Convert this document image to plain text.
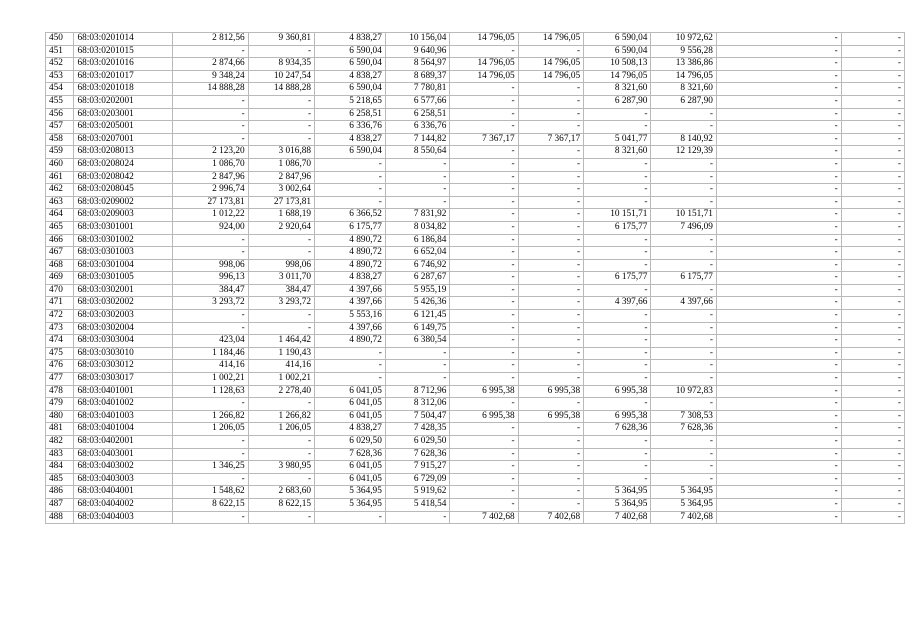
450	68:03:0201014	2 812,56	9 360,81	4 838,27	10 156,04	14 796,05	14 796,05	6 590,04	10 972,62	-	-
451	68:03:0201015	-	-	6 590,04	9 640,96	-	-	6 590,04	9 556,28	-	-
452	68:03:0201016	2 874,66	8 934,35	6 590,04	8 564,97	14 796,05	14 796,05	10 508,13	13 386,86	-	-
453	68:03:0201017	9 348,24	10 247,54	4 838,27	8 689,37	14 796,05	14 796,05	14 796,05	14 796,05	-	-
454	68:03:0201018	14 888,28	14 888,28	6 590,04	7 780,81	-	-	8 321,60	8 321,60	-	-
455	68:03:0202001	-	-	5 218,65	6 577,66	-	-	6 287,90	6 287,90	-	-
456	68:03:0203001	-	-	6 258,51	6 258,51	-	-	-	-	-	-
457	68:03:0205001	-	-	6 336,76	6 336,76	-	-	-	-	-	-
458	68:03:0207001	-	-	4 838,27	7 144,82	7 367,17	7 367,17	5 041,77	8 140,92	-	-
459	68:03:0208013	2 123,20	3 016,88	6 590,04	8 550,64	-	-	8 321,60	12 129,39	-	-
460	68:03:0208024	1 086,70	1 086,70	-	-	-	-	-	-	-	-
461	68:03:0208042	2 847,96	2 847,96	-	-	-	-	-	-	-	-
462	68:03:0208045	2 996,74	3 002,64	-	-	-	-	-	-	-	-
463	68:03:0209002	27 173,81	27 173,81	-	-	-	-	-	-	-	-
464	68:03:0209003	1 012,22	1 688,19	6 366,52	7 831,92	-	-	10 151,71	10 151,71	-	-
465	68:03:0301001	924,00	2 920,64	6 175,77	8 034,82	-	-	6 175,77	7 496,09	-	-
466	68:03:0301002	-	-	4 890,72	6 186,84	-	-	-	-	-	-
467	68:03:0301003	-	-	4 890,72	6 652,04	-	-	-	-	-	-
468	68:03:0301004	998,06	998,06	4 890,72	6 746,92	-	-	-	-	-	-
469	68:03:0301005	996,13	3 011,70	4 838,27	6 287,67	-	-	6 175,77	6 175,77	-	-
470	68:03:0302001	384,47	384,47	4 397,66	5 955,19	-	-	-	-	-	-
471	68:03:0302002	3 293,72	3 293,72	4 397,66	5 426,36	-	-	4 397,66	4 397,66	-	-
472	68:03:0302003	-	-	5 553,16	6 121,45	-	-	-	-	-	-
473	68:03:0302004	-	-	4 397,66	6 149,75	-	-	-	-	-	-
474	68:03:0303004	423,04	1 464,42	4 890,72	6 380,54	-	-	-	-	-	-
475	68:03:0303010	1 184,46	1 190,43	-	-	-	-	-	-	-	-
476	68:03:0303012	414,16	414,16	-	-	-	-	-	-	-	-
477	68:03:0303017	1 002,21	1 002,21	-	-	-	-	-	-	-	-
478	68:03:0401001	1 128,63	2 278,40	6 041,05	8 712,96	6 995,38	6 995,38	6 995,38	10 972,83	-	-
479	68:03:0401002	-	-	6 041,05	8 312,06	-	-	-	-	-	-
480	68:03:0401003	1 266,82	1 266,82	6 041,05	7 504,47	6 995,38	6 995,38	6 995,38	7 308,53	-	-
481	68:03:0401004	1 206,05	1 206,05	4 838,27	7 428,35	-	-	7 628,36	7 628,36	-	-
482	68:03:0402001	-	-	6 029,50	6 029,50	-	-	-	-	-	-
483	68:03:0403001	-	-	7 628,36	7 628,36	-	-	-	-	-	-
484	68:03:0403002	1 346,25	3 980,95	6 041,05	7 915,27	-	-	-	-	-	-
485	68:03:0403003	-	-	6 041,05	6 729,09	-	-	-	-	-	-
486	68:03:0404001	1 548,62	2 683,60	5 364,95	5 919,62	-	-	5 364,95	5 364,95	-	-
487	68:03:0404002	8 622,15	8 622,15	5 364,95	5 418,54	-	-	5 364,95	5 364,95	-	-
488	68:03:0404003	-	-	-	-	7 402,68	7 402,68	7 402,68	7 402,68	-	-
